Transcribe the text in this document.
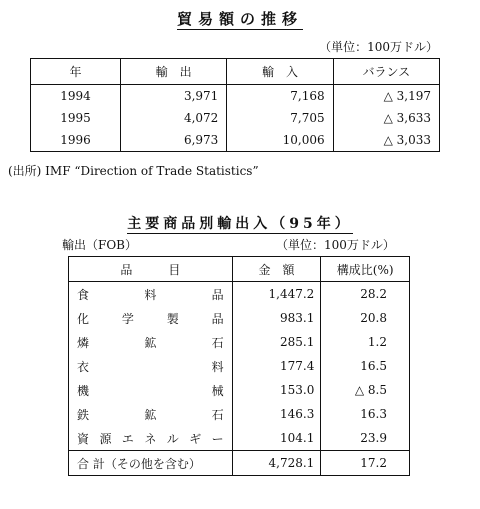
貿易額の推移
（単位：100万ドル）
年	輸　出	輸　入	バランス
1994	3,971	7,168	△ 3,197
1995	4,072	7,705	△ 3,633
1996	6,973	10,006	△ 3,033
(出所) IMF “Direction of Trade Statistics”
主要商品別輸出入（95年）
輸出（FOB）	（単位：100万ドル）
品　　　目	金　額	構成比(%)
食料品	1,447.2	28.2
化学製品	983.1	20.8
燐鉱石	285.1	1.2
衣料	177.4	16.5
機械	153.0	△ 8.5
鉄鉱石	146.3	16.3
資源エネルギー	104.1	23.9
合 計（その他を含む）	4,728.1	17.2
